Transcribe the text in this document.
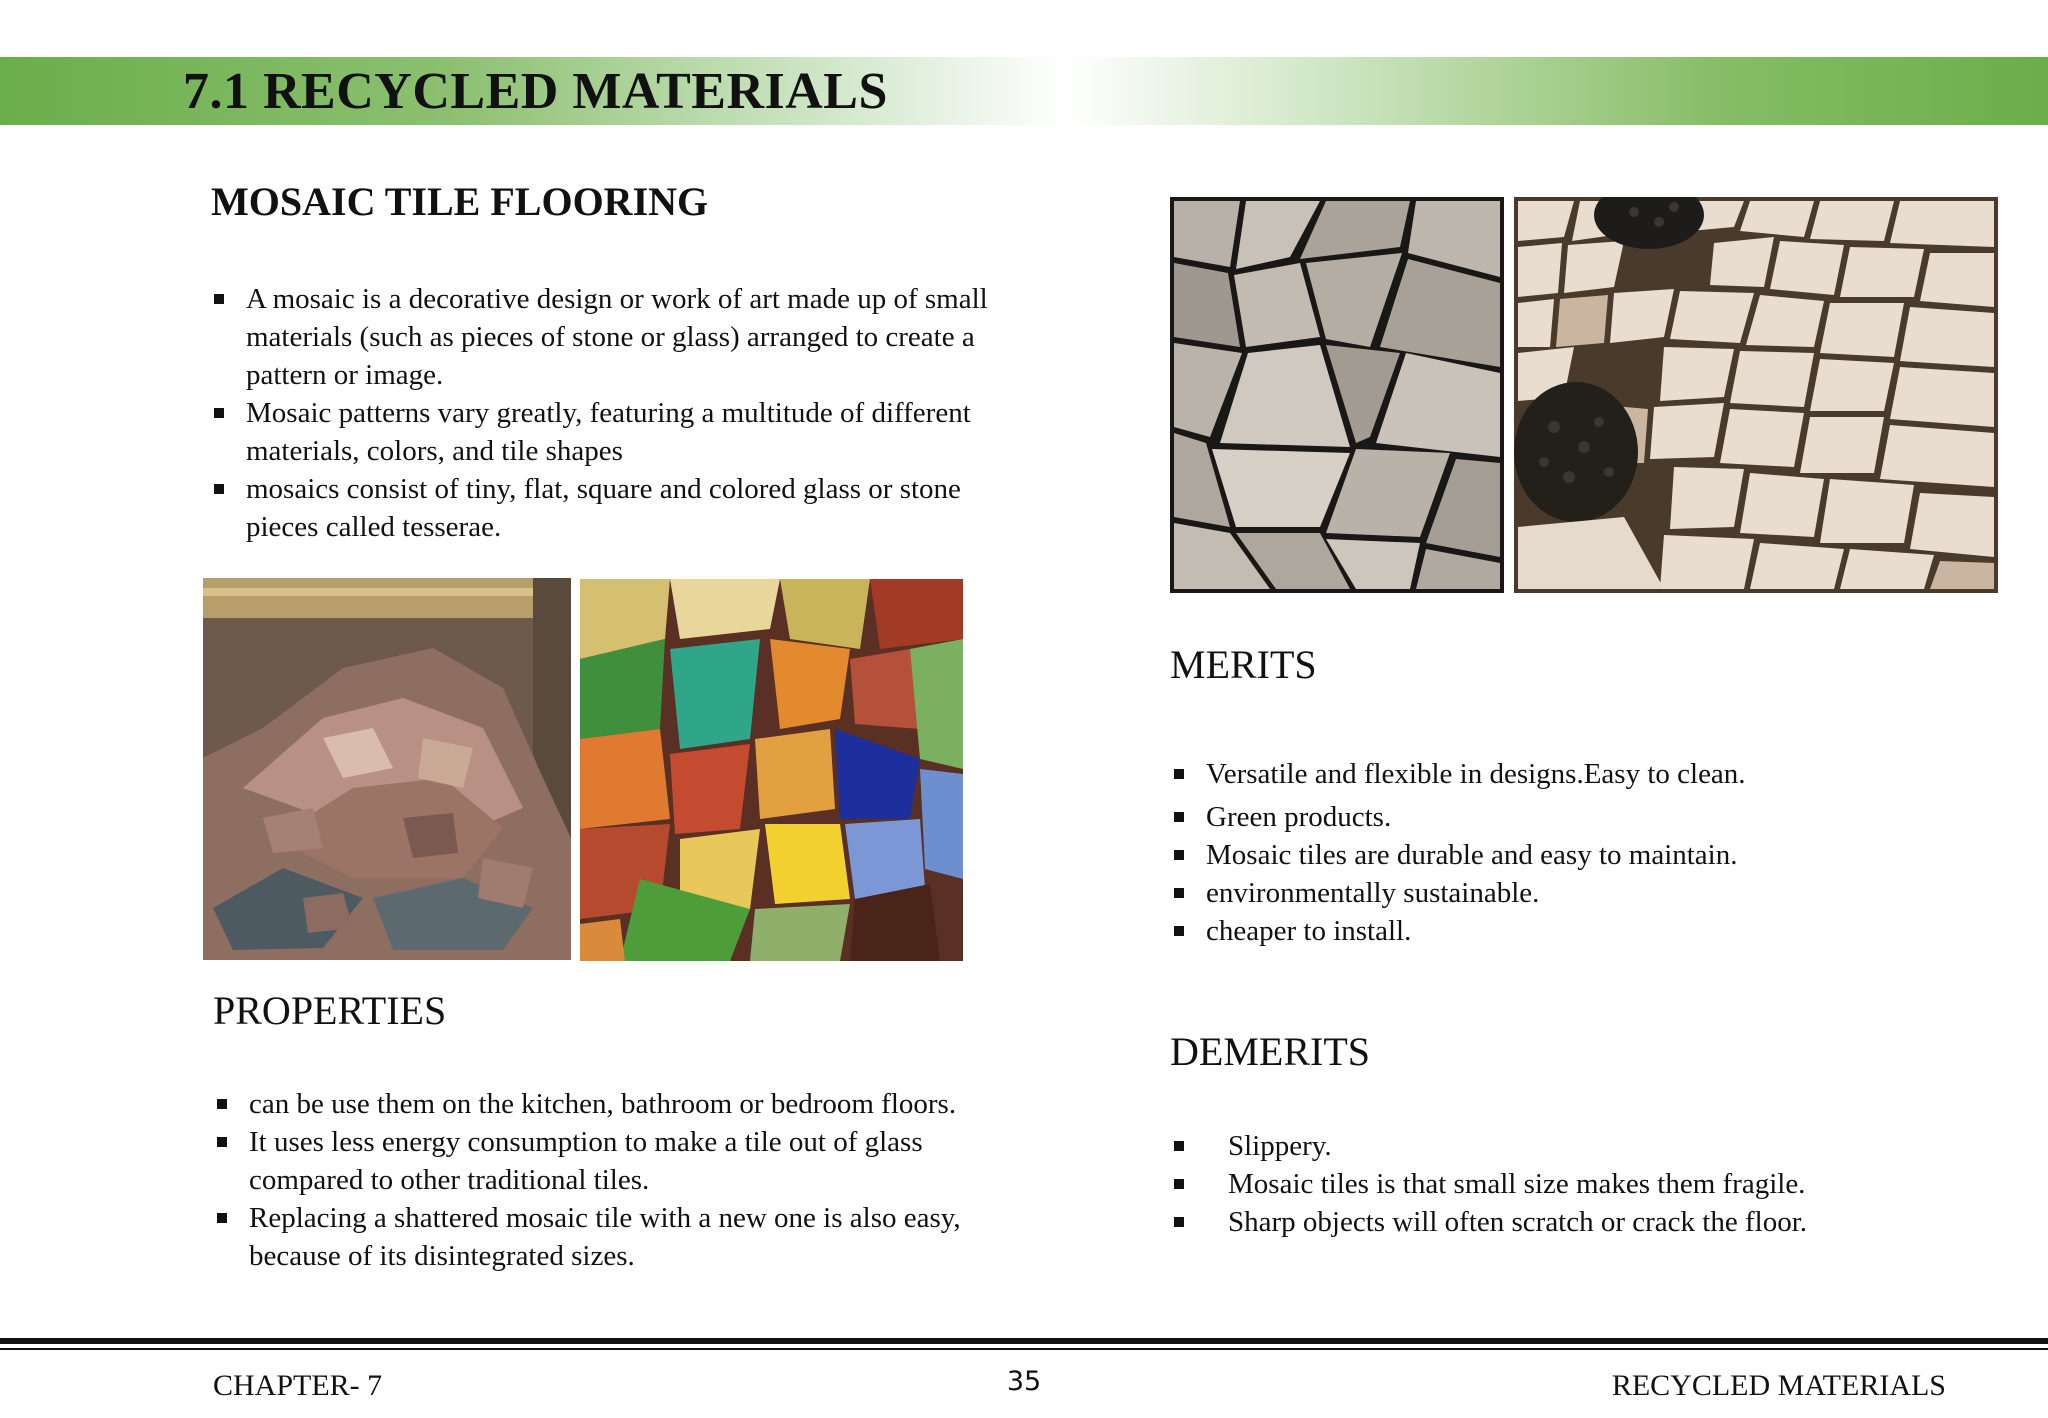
7.1 RECYCLED MATERIALS
MOSAIC TILE FLOORING
A mosaic is a decorative design or work of art made up of small materials (such as pieces of stone or glass) arranged to create a pattern or image.
Mosaic patterns vary greatly, featuring a multitude of different materials, colors, and tile shapes
mosaics consist of tiny, flat, square and colored glass or stone pieces called tesserae.
PROPERTIES
can be use them on the kitchen, bathroom or bedroom floors.
It uses less energy consumption to make a tile out of glass compared to other traditional tiles.
Replacing a shattered mosaic tile with a new one is also easy, because of its disintegrated sizes.
MERITS
Versatile and flexible in designs.Easy to clean.
Green products.
Mosaic tiles are durable and easy to maintain.
environmentally sustainable.
cheaper to install.
DEMERITS
Slippery.
Mosaic tiles is that small size makes them fragile.
Sharp objects will often scratch or crack the floor.
CHAPTER- 7	35	RECYCLED MATERIALS
